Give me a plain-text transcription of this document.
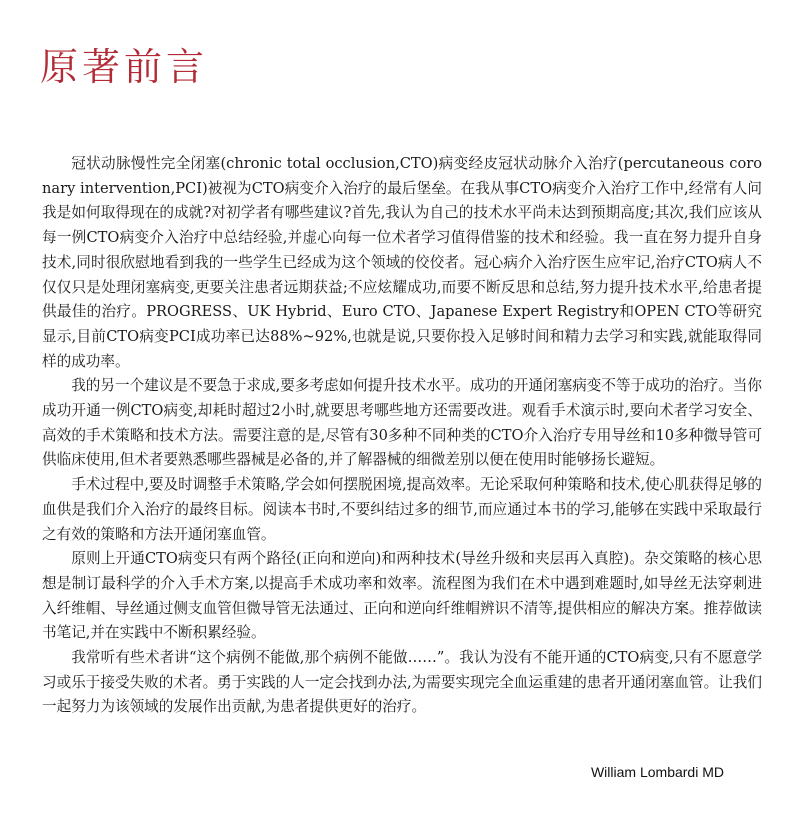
原著前言

冠状动脉慢性完全闭塞(chronic total occlusion,CTO)病变经皮冠状动脉介入治疗(percutaneous coronary intervention,PCI)被视为CTO病变介入治疗的最后堡垒。在我从事CTO病变介入治疗工作中,经常有人问我是如何取得现在的成就?对初学者有哪些建议?首先,我认为自己的技术水平尚未达到预期高度;其次,我们应该从每一例CTO病变介入治疗中总结经验,并虚心向每一位术者学习值得借鉴的技术和经验。我一直在努力提升自身技术,同时很欣慰地看到我的一些学生已经成为这个领域的佼佼者。冠心病介入治疗医生应牢记,治疗CTO病人不仅仅只是处理闭塞病变,更要关注患者远期获益;不应炫耀成功,而要不断反思和总结,努力提升技术水平,给患者提供最佳的治疗。PROGRESS、UK Hybrid、Euro CTO、Japanese Expert Registry和OPEN CTO等研究显示,目前CTO病变PCI成功率已达88%~92%,也就是说,只要你投入足够时间和精力去学习和实践,就能取得同样的成功率。

我的另一个建议是不要急于求成,要多考虑如何提升技术水平。成功的开通闭塞病变不等于成功的治疗。当你成功开通一例CTO病变,却耗时超过2小时,就要思考哪些地方还需要改进。观看手术演示时,要向术者学习安全、高效的手术策略和技术方法。需要注意的是,尽管有30多种不同种类的CTO介入治疗专用导丝和10多种微导管可供临床使用,但术者要熟悉哪些器械是必备的,并了解器械的细微差别以便在使用时能够扬长避短。

手术过程中,要及时调整手术策略,学会如何摆脱困境,提高效率。无论采取何种策略和技术,使心肌获得足够的血供是我们介入治疗的最终目标。阅读本书时,不要纠结过多的细节,而应通过本书的学习,能够在实践中采取最行之有效的策略和方法开通闭塞血管。

原则上开通CTO病变只有两个路径(正向和逆向)和两种技术(导丝升级和夹层再入真腔)。杂交策略的核心思想是制订最科学的介入手术方案,以提高手术成功率和效率。流程图为我们在术中遇到难题时,如导丝无法穿刺进入纤维帽、导丝通过侧支血管但微导管无法通过、正向和逆向纤维帽辨识不清等,提供相应的解决方案。推荐做读书笔记,并在实践中不断积累经验。

我常听有些术者讲“这个病例不能做,那个病例不能做……”。我认为没有不能开通的CTO病变,只有不愿意学习或乐于接受失败的术者。勇于实践的人一定会找到办法,为需要实现完全血运重建的患者开通闭塞血管。让我们一起努力为该领域的发展作出贡献,为患者提供更好的治疗。

William Lombardi MD
